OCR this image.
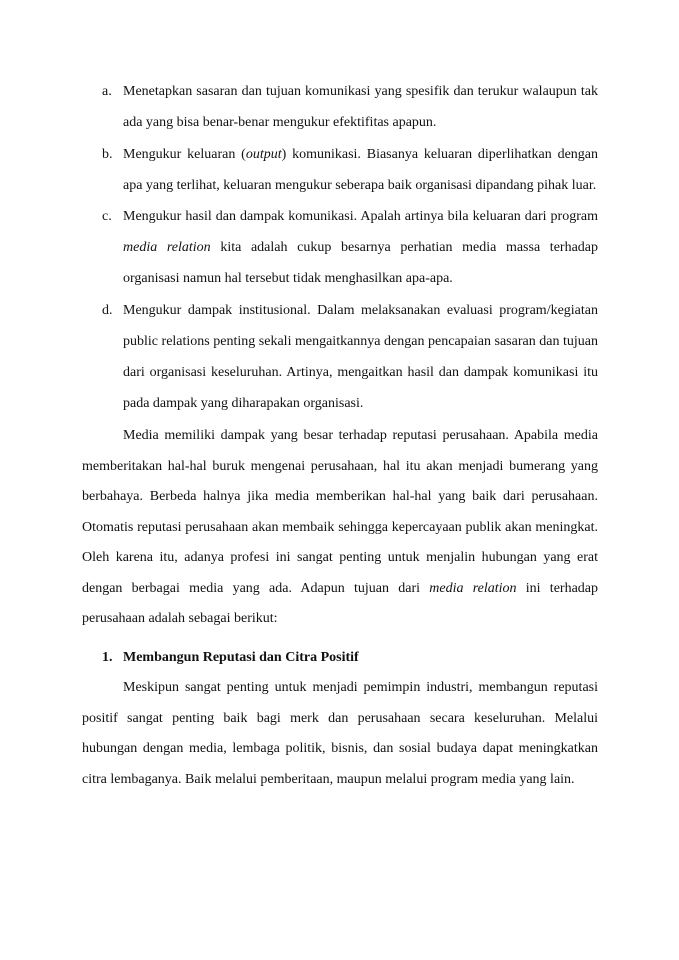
a. Menetapkan sasaran dan tujuan komunikasi yang spesifik dan terukur walaupun tak ada yang bisa benar-benar mengukur efektifitas apapun.
b. Mengukur keluaran (output) komunikasi. Biasanya keluaran diperlihatkan dengan apa yang terlihat, keluaran mengukur seberapa baik organisasi dipandang pihak luar.
c. Mengukur hasil dan dampak komunikasi. Apalah artinya bila keluaran dari program media relation kita adalah cukup besarnya perhatian media massa terhadap organisasi namun hal tersebut tidak menghasilkan apa-apa.
d. Mengukur dampak institusional. Dalam melaksanakan evaluasi program/kegiatan public relations penting sekali mengaitkannya dengan pencapaian sasaran dan tujuan dari organisasi keseluruhan. Artinya, mengaitkan hasil dan dampak komunikasi itu pada dampak yang diharapakan organisasi.
Media memiliki dampak yang besar terhadap reputasi perusahaan. Apabila media memberitakan hal-hal buruk mengenai perusahaan, hal itu akan menjadi bumerang yang berbahaya. Berbeda halnya jika media memberikan hal-hal yang baik dari perusahaan. Otomatis reputasi perusahaan akan membaik sehingga kepercayaan publik akan meningkat. Oleh karena itu, adanya profesi ini sangat penting untuk menjalin hubungan yang erat dengan berbagai media yang ada. Adapun tujuan dari media relation ini terhadap perusahaan adalah sebagai berikut:
1. Membangun Reputasi dan Citra Positif
Meskipun sangat penting untuk menjadi pemimpin industri, membangun reputasi positif sangat penting baik bagi merk dan perusahaan secara keseluruhan. Melalui hubungan dengan media, lembaga politik, bisnis, dan sosial budaya dapat meningkatkan citra lembaganya. Baik melalui pemberitaan, maupun melalui program media yang lain.
